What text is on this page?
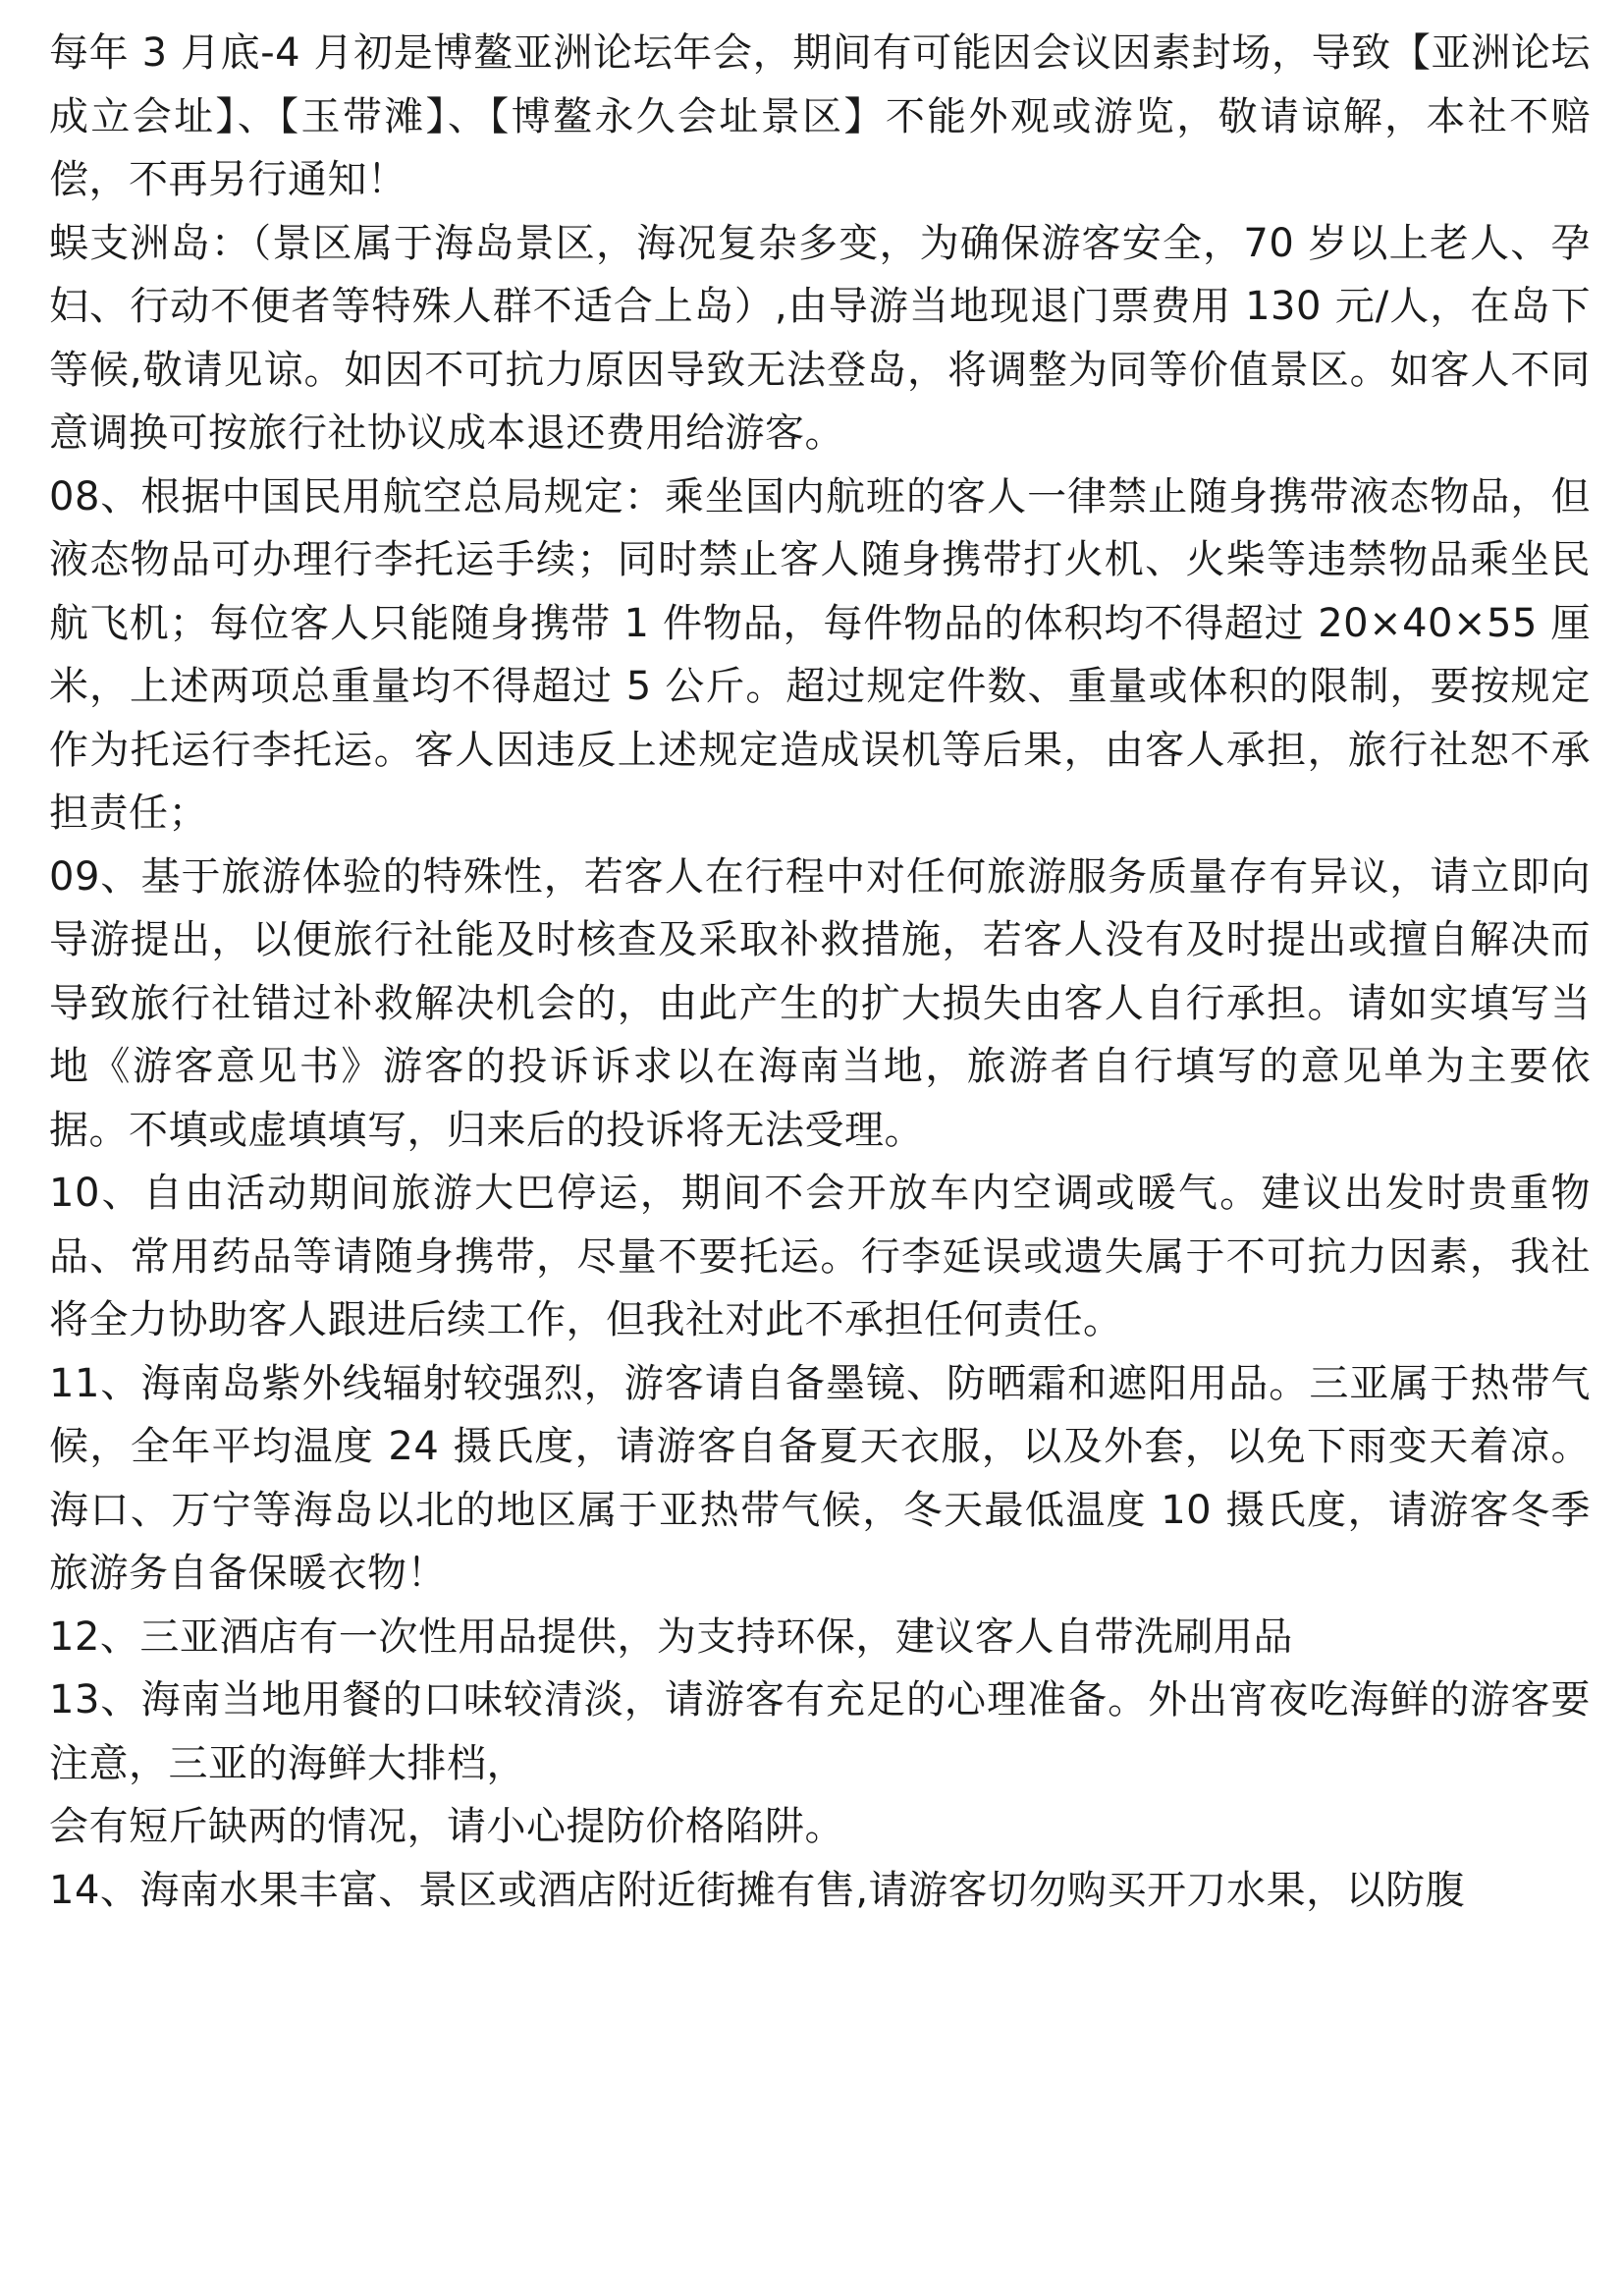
每年 3 月底-4 月初是博鳌亚洲论坛年会，期间有可能因会议因素封场，导致【亚洲论坛成立会址】、【玉带滩】、【博鳌永久会址景区】不能外观或游览，敬请谅解，本社不赔偿，不再另行通知！

蜈支洲岛：（景区属于海岛景区，海况复杂多变，为确保游客安全，70 岁以上老人、孕妇、行动不便者等特殊人群不适合上岛）,由导游当地现退门票费用 130 元/人，在岛下等候,敬请见谅。如因不可抗力原因导致无法登岛，将调整为同等价值景区。如客人不同意调换可按旅行社协议成本退还费用给游客。

08、根据中国民用航空总局规定：乘坐国内航班的客人一律禁止随身携带液态物品，但液态物品可办理行李托运手续；同时禁止客人随身携带打火机、火柴等违禁物品乘坐民航飞机；每位客人只能随身携带 1 件物品，每件物品的体积均不得超过 20×40×55 厘米，上述两项总重量均不得超过 5 公斤。超过规定件数、重量或体积的限制，要按规定作为托运行李托运。客人因违反上述规定造成误机等后果，由客人承担，旅行社恕不承担责任；

09、基于旅游体验的特殊性，若客人在行程中对任何旅游服务质量存有异议，请立即向导游提出，以便旅行社能及时核查及采取补救措施，若客人没有及时提出或擅自解决而导致旅行社错过补救解决机会的，由此产生的扩大损失由客人自行承担。请如实填写当地《游客意见书》游客的投诉诉求以在海南当地，旅游者自行填写的意见单为主要依据。不填或虚填填写，归来后的投诉将无法受理。

10、自由活动期间旅游大巴停运，期间不会开放车内空调或暖气。建议出发时贵重物品、常用药品等请随身携带，尽量不要托运。行李延误或遗失属于不可抗力因素，我社将全力协助客人跟进后续工作，但我社对此不承担任何责任。

11、海南岛紫外线辐射较强烈，游客请自备墨镜、防晒霜和遮阳用品。三亚属于热带气候，全年平均温度 24 摄氏度，请游客自备夏天衣服，以及外套，以免下雨变天着凉。海口、万宁等海岛以北的地区属于亚热带气候，冬天最低温度 10 摄氏度，请游客冬季旅游务自备保暖衣物！

12、三亚酒店有一次性用品提供，为支持环保，建议客人自带洗刷用品

13、海南当地用餐的口味较清淡，请游客有充足的心理准备。外出宵夜吃海鲜的游客要注意，三亚的海鲜大排档，

会有短斤缺两的情况，请小心提防价格陷阱。

14、海南水果丰富、景区或酒店附近街摊有售,请游客切勿购买开刀水果，以防腹
